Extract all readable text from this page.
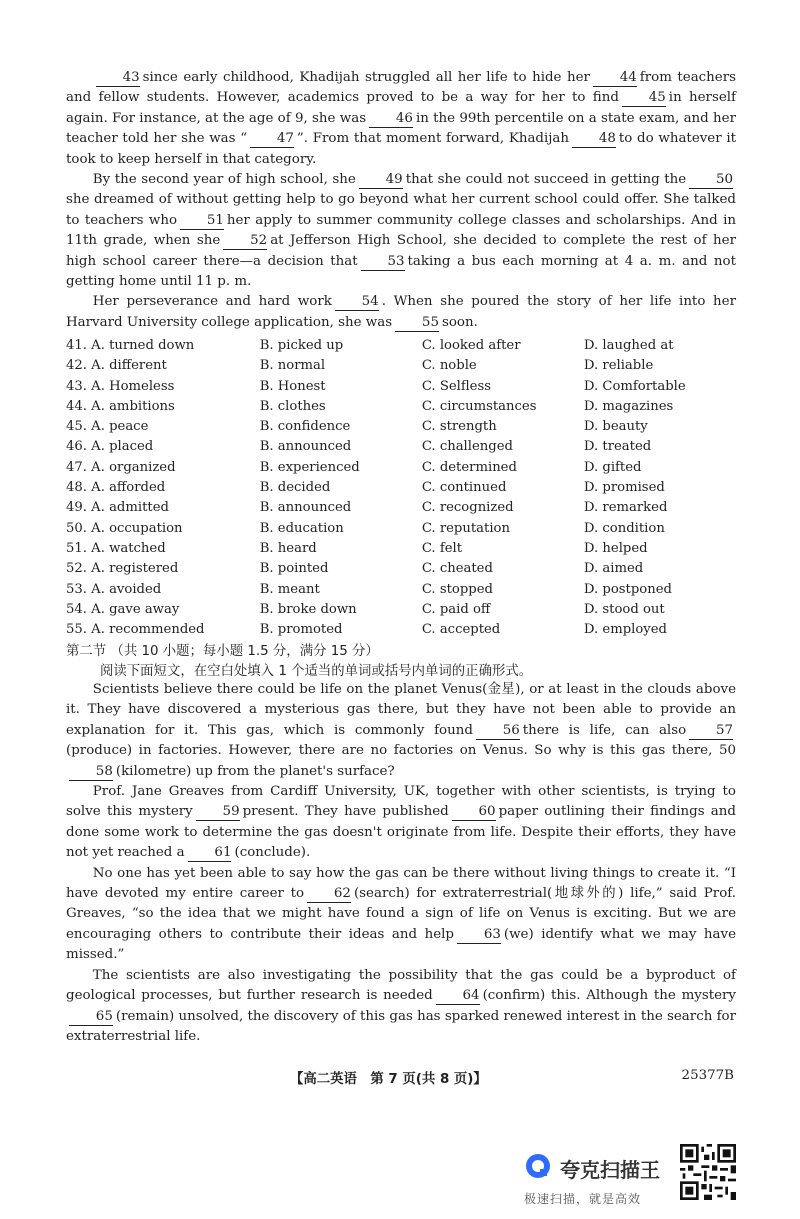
43 since early childhood, Khadijah struggled all her life to hide her 44 from teachers and fellow students. However, academics proved to be a way for her to find 45 in herself again. For instance, at the age of 9, she was 46 in the 99th percentile on a state exam, and her teacher told her she was “ 47 ”. From that moment forward, Khadijah 48 to do whatever it took to keep herself in that category.

By the second year of high school, she 49 that she could not succeed in getting the 50she dreamed of without getting help to go beyond what her current school could offer. She talked to teachers who 51 her apply to summer community college classes and scholarships. And in 11th grade, when she 52 at Jefferson High School, she decided to complete the rest of her high school career there—a decision that 53 taking a bus each morning at 4 a. m. and not getting home until 11 p. m.

Her perseverance and hard work 54 . When she poured the story of her life into her Harvard University college application, she was 55 soon.

41. A. turned down	B. picked up	C. looked after	D. laughed at
42. A. different	B. normal	C. noble	D. reliable
43. A. Homeless	B. Honest	C. Selfless	D. Comfortable
44. A. ambitions	B. clothes	C. circumstances	D. magazines
45. A. peace	B. confidence	C. strength	D. beauty
46. A. placed	B. announced	C. challenged	D. treated
47. A. organized	B. experienced	C. determined	D. gifted
48. A. afforded	B. decided	C. continued	D. promised
49. A. admitted	B. announced	C. recognized	D. remarked
50. A. occupation	B. education	C. reputation	D. condition
51. A. watched	B. heard	C. felt	D. helped
52. A. registered	B. pointed	C. cheated	D. aimed
53. A. avoided	B. meant	C. stopped	D. postponed
54. A. gave away	B. broke down	C. paid off	D. stood out
55. A. recommended	B. promoted	C. accepted	D. employed
第二节 （共 10 小题；每小题 1.5 分，满分 15 分）
阅读下面短文，在空白处填入 1 个适当的单词或括号内单词的正确形式。

Scientists believe there could be life on the planet Venus(金星), or at least in the clouds above it. They have discovered a mysterious gas there, but they have not been able to provide an explanation for it. This gas, which is commonly found 56 there is life, can also 57(produce) in factories. However, there are no factories on Venus. So why is this gas there, 5058 (kilometre) up from the planet's surface?

Prof. Jane Greaves from Cardiff University, UK, together with other scientists, is trying to solve this mystery 59 present. They have published 60 paper outlining their findings and done some work to determine the gas doesn't originate from life. Despite their efforts, they have not yet reached a 61 (conclude).

No one has yet been able to say how the gas can be there without living things to create it. “I have devoted my entire career to 62 (search) for extraterrestrial(地球外的) life,” said Prof. Greaves, “so the idea that we might have found a sign of life on Venus is exciting. But we are encouraging others to contribute their ideas and help 63 (we) identify what we may have missed.”

The scientists are also investigating the possibility that the gas could be a byproduct of geological processes, but further research is needed 64 (confirm) this. Although the mystery65 (remain) unsolved, the discovery of this gas has sparked renewed interest in the search for extraterrestrial life.

【高二英语　第 7 页(共 8 页)】	25377B
夸克扫描王
极速扫描，就是高效
